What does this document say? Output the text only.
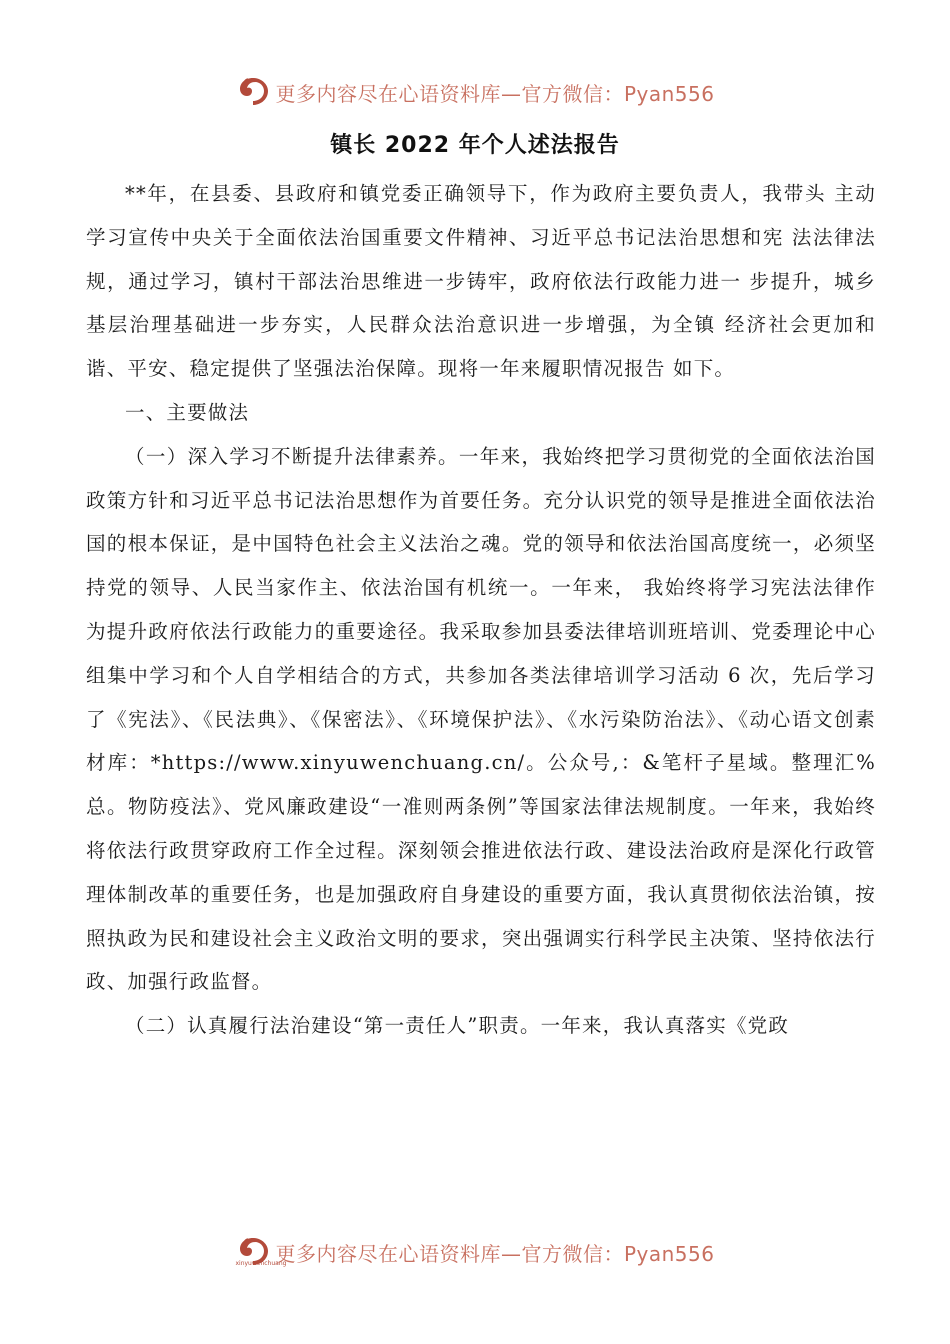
更多内容尽在心语资料库—官方微信：Pyan556
镇长 2022 年个人述法报告

**年，在县委、县政府和镇党委正确领导下，作为政府主要负责人，我带头 主动学习宣传中央关于全面依法治国重要文件精神、习近平总书记法治思想和宪 法法律法规，通过学习，镇村干部法治思维进一步铸牢，政府依法行政能力进一 步提升，城乡基层治理基础进一步夯实，人民群众法治意识进一步增强，为全镇 经济社会更加和谐、平安、稳定提供了坚强法治保障。现将一年来履职情况报告 如下。

一、主要做法

（一）深入学习不断提升法律素养。一年来，我始终把学习贯彻党的全面依法治国政策方针和习近平总书记法治思想作为首要任务。充分认识党的领导是推进全面依法治国的根本保证，是中国特色社会主义法治之魂。党的领导和依法治国高度统一，必须坚持党的领导、人民当家作主、依法治国有机统一。一年来， 我始终将学习宪法法律作为提升政府依法行政能力的重要途径。我采取参加县委法律培训班培训、党委理论中心组集中学习和个人自学相结合的方式，共参加各类法律培训学习活动 6 次，先后学习了《宪法》、《民法典》、《保密法》、《环境保护法》、《水污染防治法》、《动心语文创素材库：*https://www.xinyuwenchuang.cn/。公众号,：&笔杆子星域。整理汇%总。物防疫法》、党风廉政建设“一准则两条例”等国家法律法规制度。一年来，我始终将依法行政贯穿政府工作全过程。深刻领会推进依法行政、建设法治政府是深化行政管理体制改革的重要任务，也是加强政府自身建设的重要方面，我认真贯彻依法治镇，按照执政为民和建设社会主义政治文明的要求，突出强调实行科学民主决策、坚持依法行政、加强行政监督。

（二）认真履行法治建设“第一责任人”职责。一年来，我认真落实《党政

xinyuwenchuang
更多内容尽在心语资料库—官方微信：Pyan556
